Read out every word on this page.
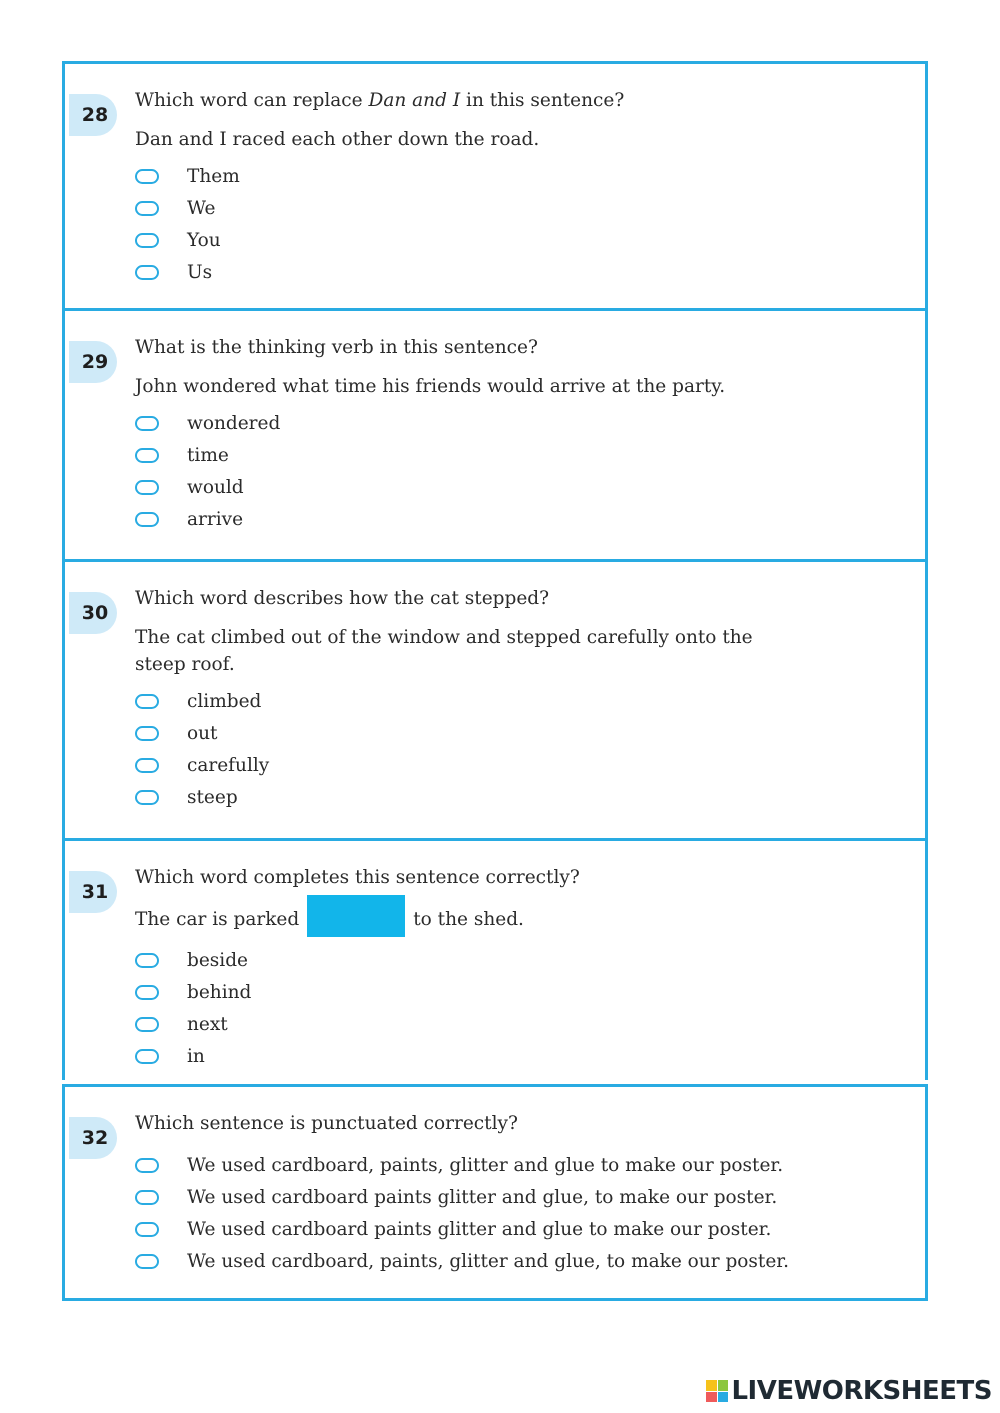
28

Which word can replace Dan and I in this sentence?

Dan and I raced each other down the road.

Them
We
You
Us
29

What is the thinking verb in this sentence?

John wondered what time his friends would arrive at the party.

wondered
time
would
arrive
30

Which word describes how the cat stepped?

The cat climbed out of the window and stepped carefully onto the
steep roof.

climbed
out
carefully
steep
31

Which word completes this sentence correctly?

The car is parked	to the shed.

beside
behind
next
in
32

Which sentence is punctuated correctly?

We used cardboard, paints, glitter and glue to make our poster.
We used cardboard paints glitter and glue, to make our poster.
We used cardboard paints glitter and glue to make our poster.
We used cardboard, paints, glitter and glue, to make our poster.
LIVEWORKSHEETS
